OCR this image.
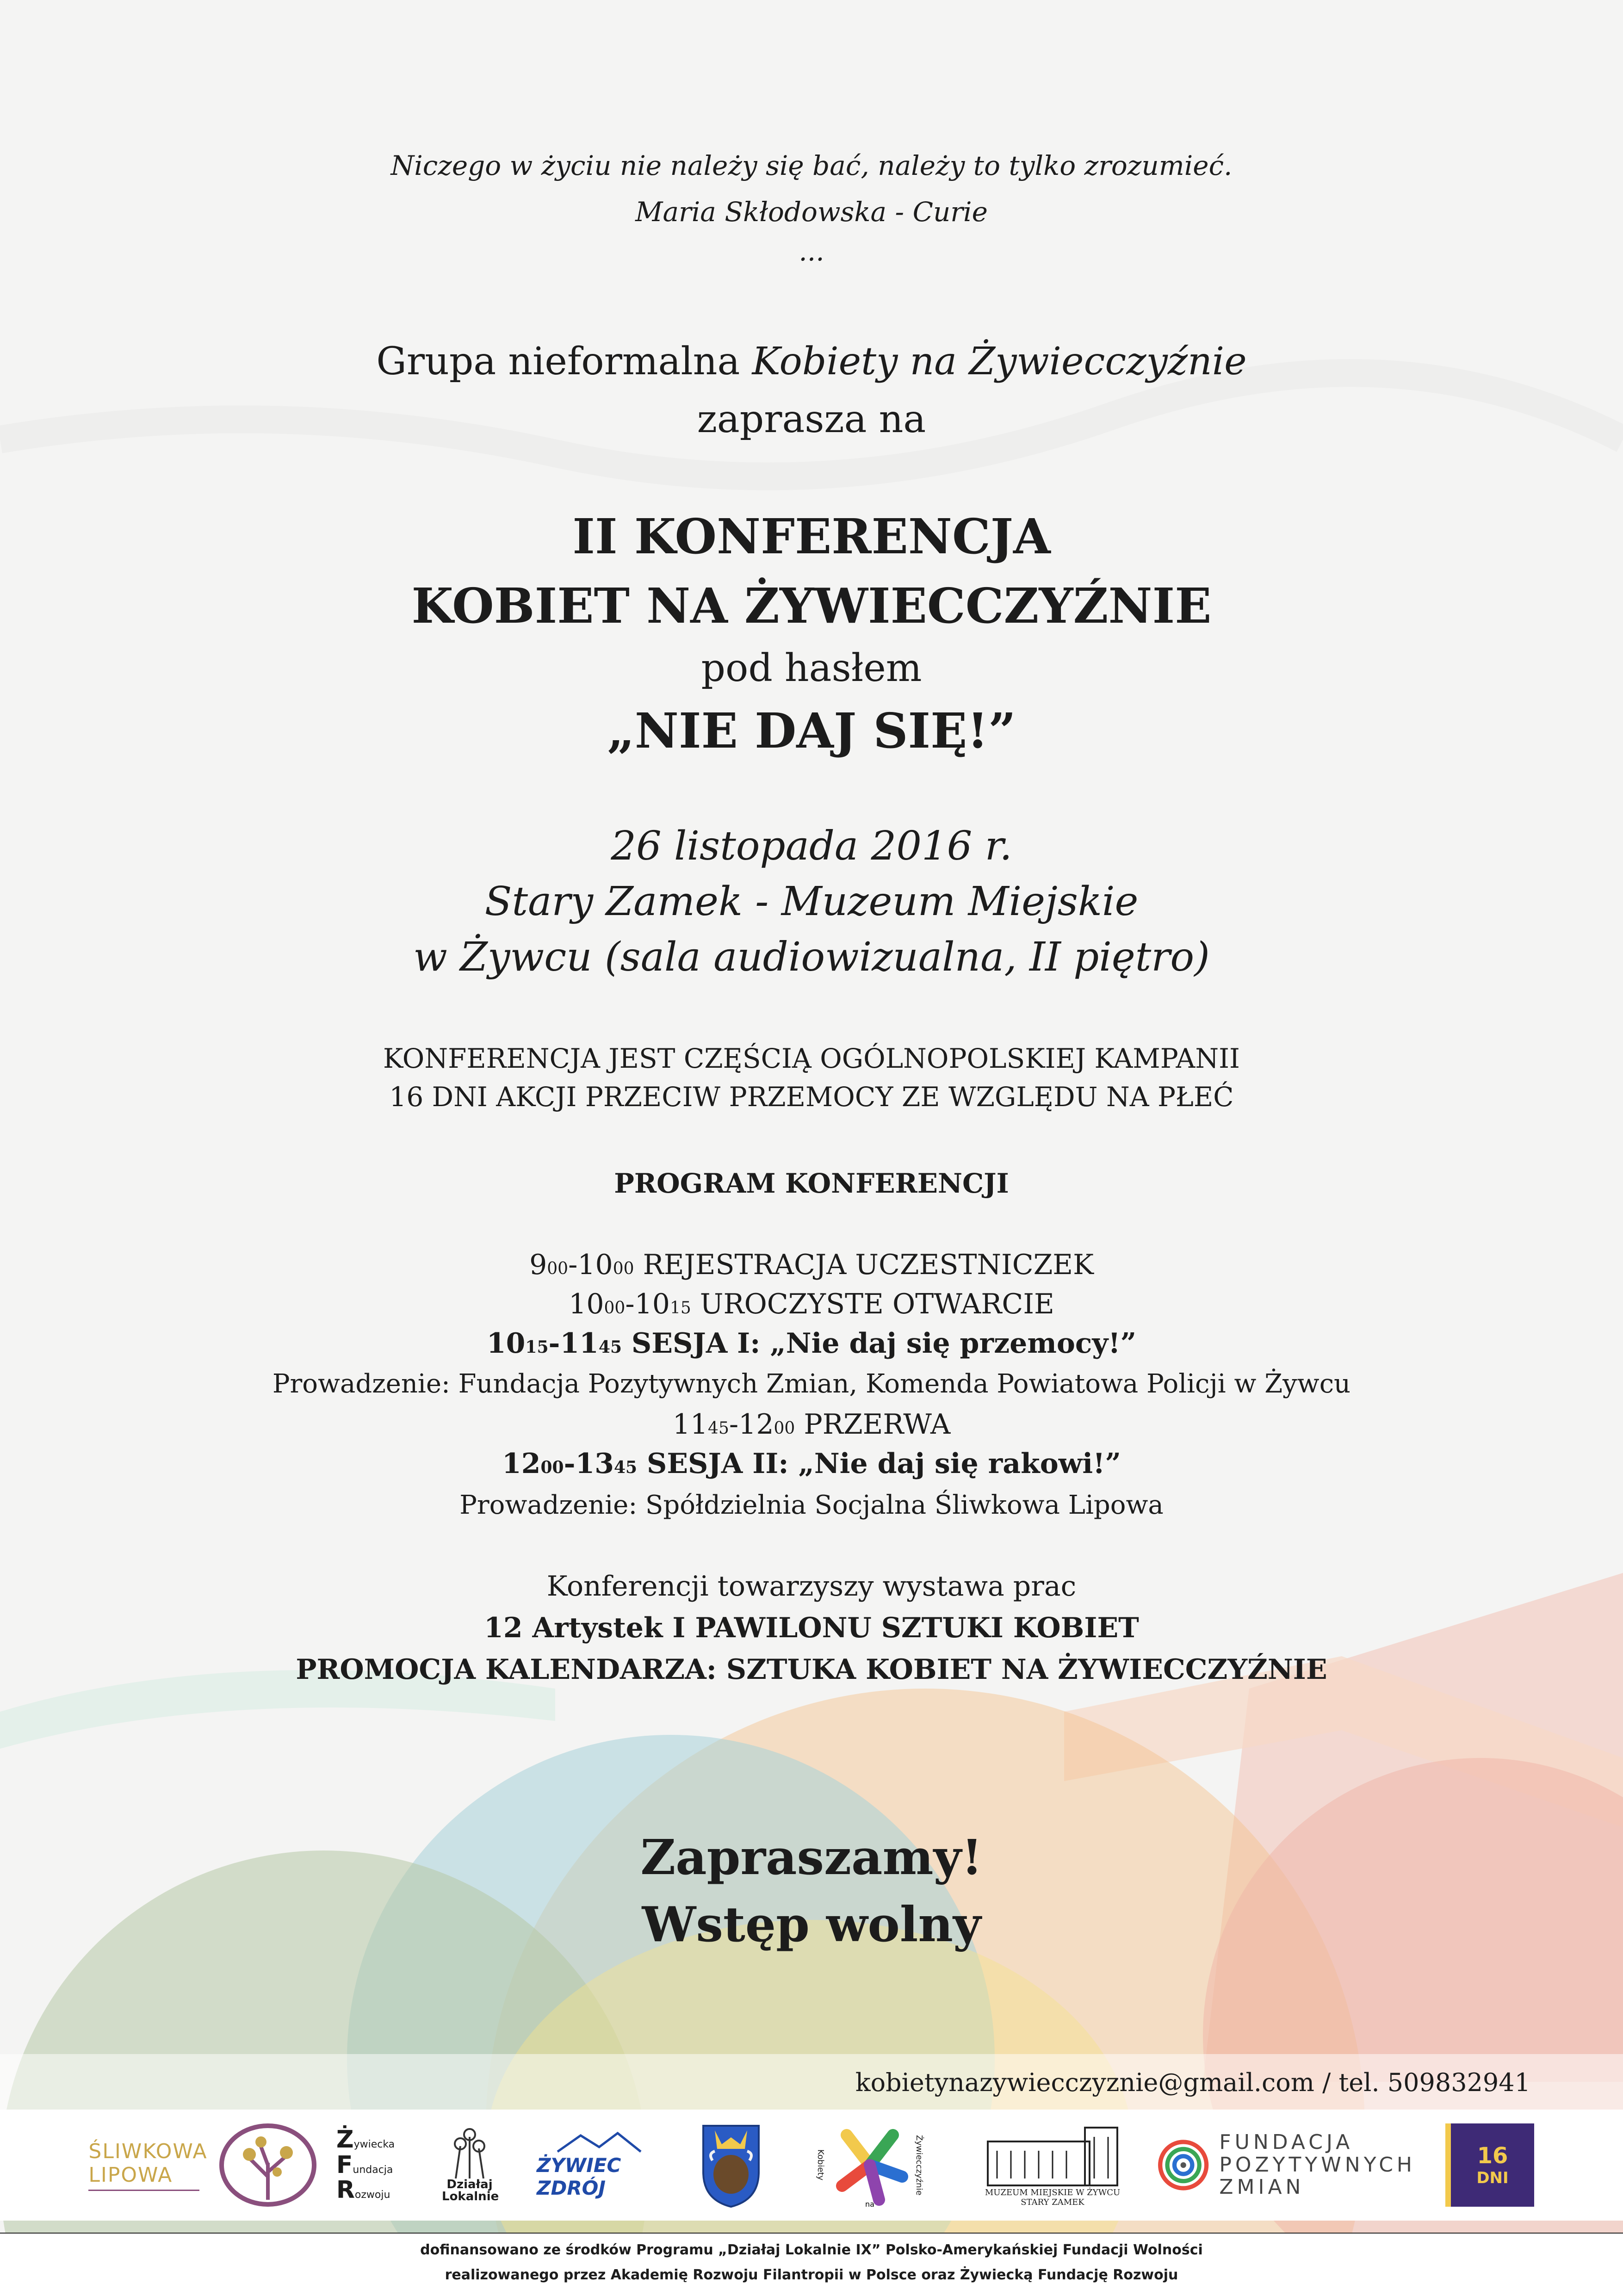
Niczego w życiu nie należy się bać, należy to tylko zrozumieć.
Maria Skłodowska - Curie
...
Grupa nieformalna Kobiety na Żywiecczyźnie
zaprasza na
II KONFERENCJA
KOBIET NA ŻYWIECCZYŹNIE
pod hasłem
„NIE DAJ SIĘ!”
26 listopada 2016 r.
Stary Zamek - Muzeum Miejskie
w Żywcu (sala audiowizualna, II piętro)
KONFERENCJA JEST CZĘŚCIĄ OGÓLNOPOLSKIEJ KAMPANII
16 DNI AKCJI PRZECIW PRZEMOCY ZE WZGLĘDU NA PŁEĆ
PROGRAM KONFERENCJI
900-1000 REJESTRACJA UCZESTNICZEK
1000-1015 UROCZYSTE OTWARCIE
1015-1145 SESJA I: „Nie daj się przemocy!”
Prowadzenie: Fundacja Pozytywnych Zmian, Komenda Powiatowa Policji w Żywcu
1145-1200 PRZERWA
1200-1345 SESJA II: „Nie daj się rakowi!”
Prowadzenie: Spółdzielnia Socjalna Śliwkowa Lipowa
Konferencji towarzyszy wystawa prac
12 Artystek I PAWILONU SZTUKI KOBIET
PROMOCJA KALENDARZA: SZTUKA KOBIET NA ŻYWIECCZYŹNIE
Zapraszamy!
Wstęp wolny
kobietynazywiecczyznie@gmail.com / tel. 509832941
ŚLIWKOWA
LIPOWA
Żywiecka
Fundacja
Rozwoju
Działaj Lokalnie
ŻYWIEC ZDRÓJ
Kobiety
na
Żywiecczyźnie	MUZEUM MIEJSKIE W ŻYWCU
STARY ZAMEK
FUNDACJA
POZYTYWNYCH
ZMIAN
16
DNI
dofinansowano ze środków Programu „Działaj Lokalnie IX” Polsko-Amerykańskiej Fundacji Wolności
realizowanego przez Akademię Rozwoju Filantropii w Polsce oraz Żywiecką Fundację Rozwoju
